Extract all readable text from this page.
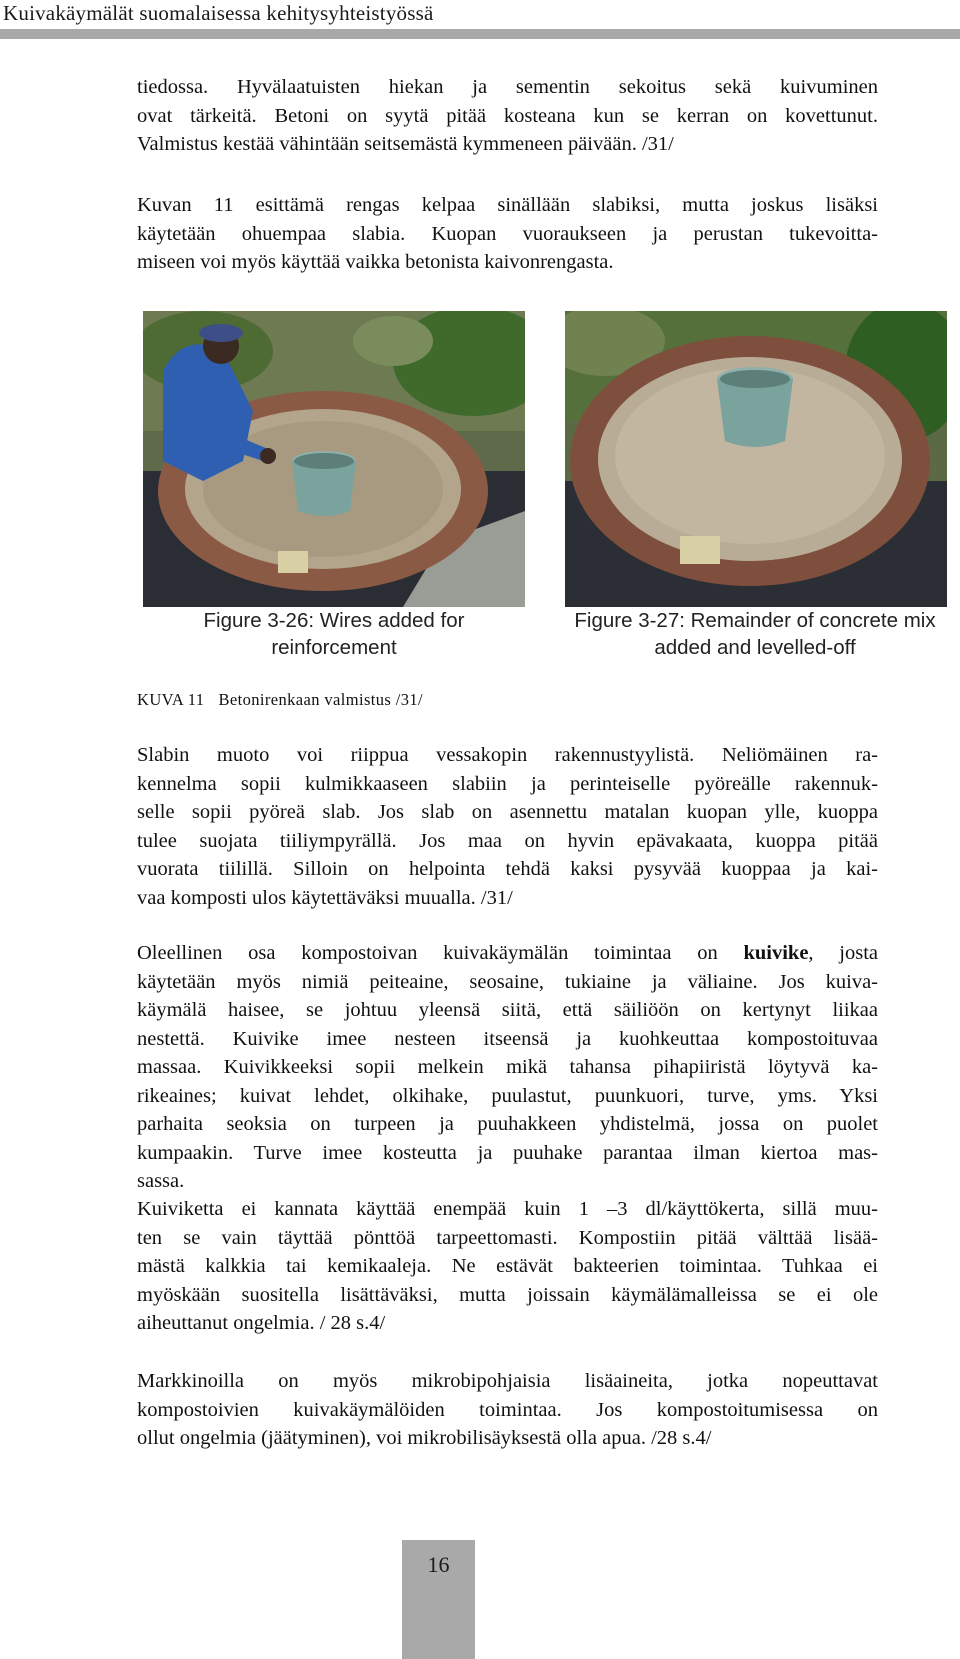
Kuivakäymälät suomalaisessa kehitysyhteistyössä
tiedossa. Hyvälaatuisten hiekan ja sementin sekoitus sekä kuivuminen
ovat tärkeitä. Betoni on syytä pitää kosteana kun se kerran on kovettunut.
Valmistus kestää vähintään seitsemästä kymmeneen päivään. /31/
Kuvan 11 esittämä rengas kelpaa sinällään slabiksi, mutta joskus lisäksi
käytetään ohuempaa slabia. Kuopan vuoraukseen ja perustan tukevoitta-
miseen voi myös käyttää vaikka betonista kaivonrengasta.
Figure 3-26: Wires added for
reinforcement
Figure 3-27: Remainder of concrete mix
added and levelled-off
KUVA 11 Betonirenkaan valmistus /31/
Slabin muoto voi riippua vessakopin rakennustyylistä. Neliömäinen ra-
kennelma sopii kulmikkaaseen slabiin ja perinteiselle pyöreälle rakennuk-
selle sopii pyöreä slab. Jos slab on asennettu matalan kuopan ylle, kuoppa
tulee suojata tiiliympyrällä. Jos maa on hyvin epävakaata, kuoppa pitää
vuorata tiilillä. Silloin on helpointa tehdä kaksi pysyvää kuoppaa ja kai-
vaa komposti ulos käytettäväksi muualla. /31/
Oleellinen osa kompostoivan kuivakäymälän toimintaa on kuivike, josta
käytetään myös nimiä peiteaine, seosaine, tukiaine ja väliaine. Jos kuiva-
käymälä haisee, se johtuu yleensä siitä, että säiliöön on kertynyt liikaa
nestettä. Kuivike imee nesteen itseensä ja kuohkeuttaa kompostoituvaa
massaa. Kuivikkeeksi sopii melkein mikä tahansa pihapiiristä löytyvä ka-
rikeaines; kuivat lehdet, olkihake, puulastut, puunkuori, turve, yms. Yksi
parhaita seoksia on turpeen ja puuhakkeen yhdistelmä, jossa on puolet
kumpaakin. Turve imee kosteutta ja puuhake parantaa ilman kiertoa mas-
sassa.
Kuiviketta ei kannata käyttää enempää kuin 1 –3 dl/käyttökerta, sillä muu-
ten se vain täyttää pönttöä tarpeettomasti. Kompostiin pitää välttää lisää-
mästä kalkkia tai kemikaaleja. Ne estävät bakteerien toimintaa. Tuhkaa ei
myöskään suositella lisättäväksi, mutta joissain käymälämalleissa se ei ole
aiheuttanut ongelmia. / 28 s.4/
Markkinoilla on myös mikrobipohjaisia lisäaineita, jotka nopeuttavat
kompostoivien kuivakäymälöiden toimintaa. Jos kompostoitumisessa on
ollut ongelmia (jäätyminen), voi mikrobilisäyksestä olla apua. /28 s.4/
16
